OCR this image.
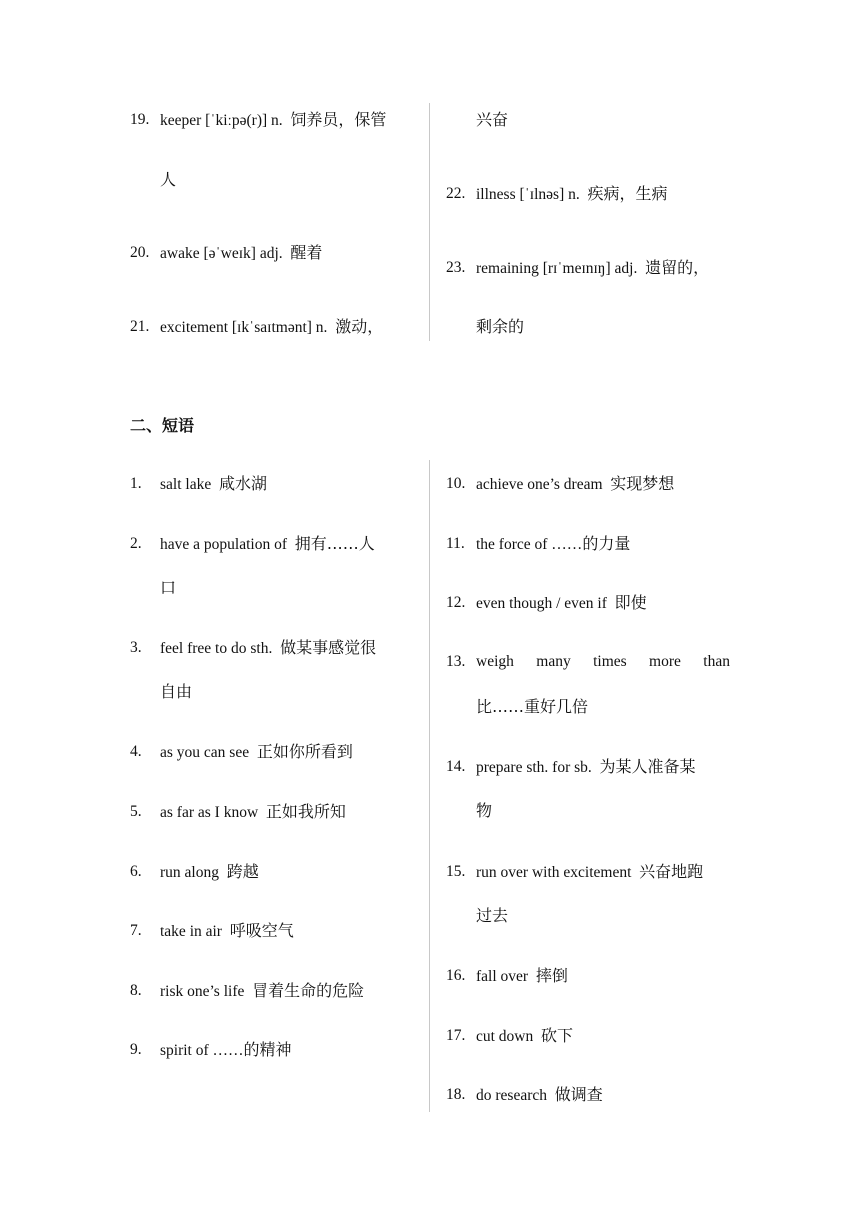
19. keeper [ˈkiːpə(r)] n. 饲养员，保管
人
20. awake [əˈweɪk] adj. 醒着
21. excitement [ɪkˈsaɪtmənt] n. 激动，
兴奋
22. illness [ˈɪlnəs] n. 疾病，生病
23. remaining [rɪˈmeɪnɪŋ] adj. 遗留的，
剩余的
二、短语
1. salt lake 咸水湖
2. have a population of 拥有……人
口
3. feel free to do sth. 做某事感觉很
自由
4. as you can see 正如你所看到
5. as far as I know 正如我所知
6. run along 跨越
7. take in air 呼吸空气
8. risk one’s life 冒着生命的危险
9. spirit of ……的精神
10. achieve one’s dream 实现梦想
11. the force of ……的力量
12. even though / even if 即使
13. weigh many times more than
比……重好几倍
14. prepare sth. for sb. 为某人准备某
物
15. run over with excitement 兴奋地跑
过去
16. fall over 摔倒
17. cut down 砍下
18. do research 做调查
